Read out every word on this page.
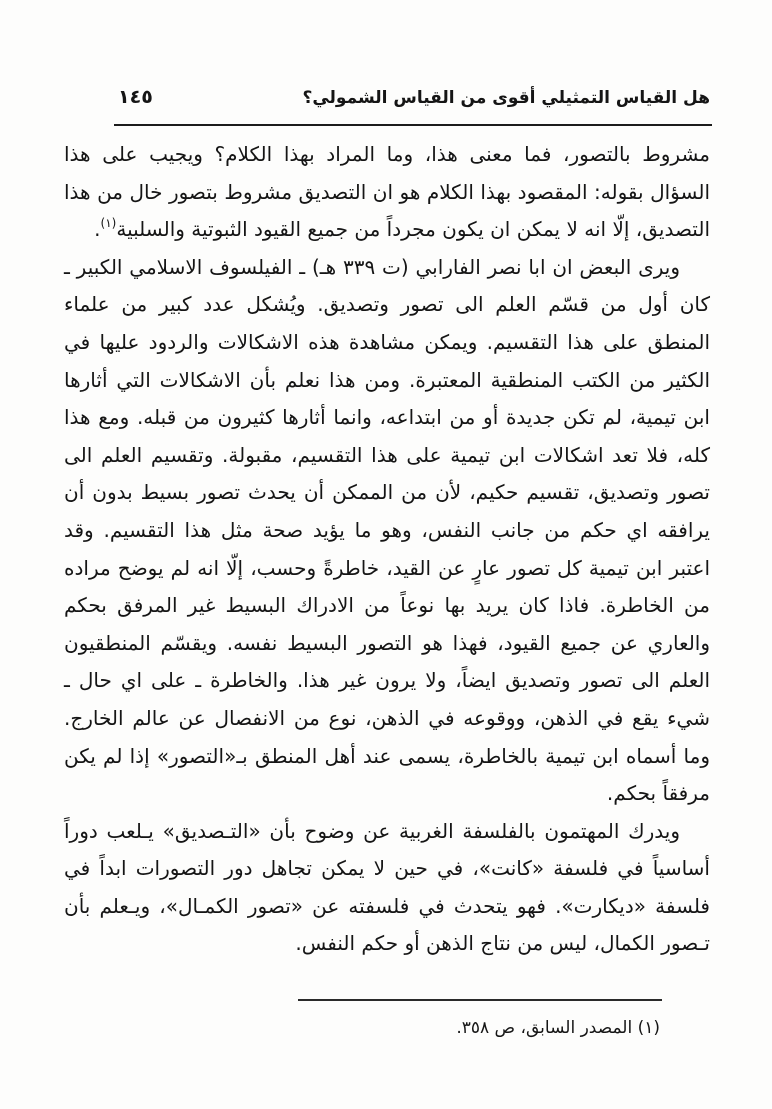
هل القياس التمثيلي أقوى من القياس الشمولي؟
١٤٥

مشروط بالتصور، فما معنى هذا، وما المراد بهذا الكلام؟ ويجيب على هذا السؤال بقوله: المقصود بهذا الكلام هو ان التصديق مشروط بتصور خال من هذا التصديق، إلّا انه لا يمكن ان يكون مجرداً من جميع القيود الثبوتية والسلبية$^{(١)}$.

ويرى البعض ان ابا نصر الفارابي (ت ٣٣٩ هـ) ـ الفيلسوف الاسلامي الكبير ـ كان أول من قسّم العلم الى تصور وتصديق. ويُشكل عدد كبير من علماء المنطق على هذا التقسيم. ويمكن مشاهدة هذه الاشكالات والردود عليها في الكثير من الكتب المنطقية المعتبرة. ومن هذا نعلم بأن الاشكالات التي أثارها ابن تيمية، لم تكن جديدة أو من ابتداعه، وانما أثارها كثيرون من قبله. ومع هذا كله، فلا تعد اشكالات ابن تيمية على هذا التقسيم، مقبولة. وتقسيم العلم الى تصور وتصديق، تقسيم حكيم، لأن من الممكن أن يحدث تصور بسيط بدون أن يرافقه اي حكم من جانب النفس، وهو ما يؤيد صحة مثل هذا التقسيم. وقد اعتبر ابن تيمية كل تصور عارٍ عن القيد، خاطرةً وحسب، إلّا انه لم يوضح مراده من الخاطرة. فاذا كان يريد بها نوعاً من الادراك البسيط غير المرفق بحكم والعاري عن جميع القيود، فهذا هو التصور البسيط نفسه. ويقسّم المنطقيون العلم الى تصور وتصديق ايضاً، ولا يرون غير هذا. والخاطرة ـ على اي حال ـ شيء يقع في الذهن، ووقوعه في الذهن، نوع من الانفصال عن عالم الخارج. وما أسماه ابن تيمية بالخاطرة، يسمى عند أهل المنطق بـ«التصور» إذا لم يكن مرفقاً بحكم.

ويدرك المهتمون بالفلسفة الغربية عن وضوح بأن «التـصديق» يـلعب دوراً أساسياً في فلسفة «كانت»، في حين لا يمكن تجاهل دور التصورات ابداً في فلسفة «ديكارت». فهو يتحدث في فلسفته عن «تصور الكمـال»، ويـعلم بأن تـصور الكمال، ليس من نتاج الذهن أو حكم النفس.

(١) المصدر السابق، ص ٣٥٨.
